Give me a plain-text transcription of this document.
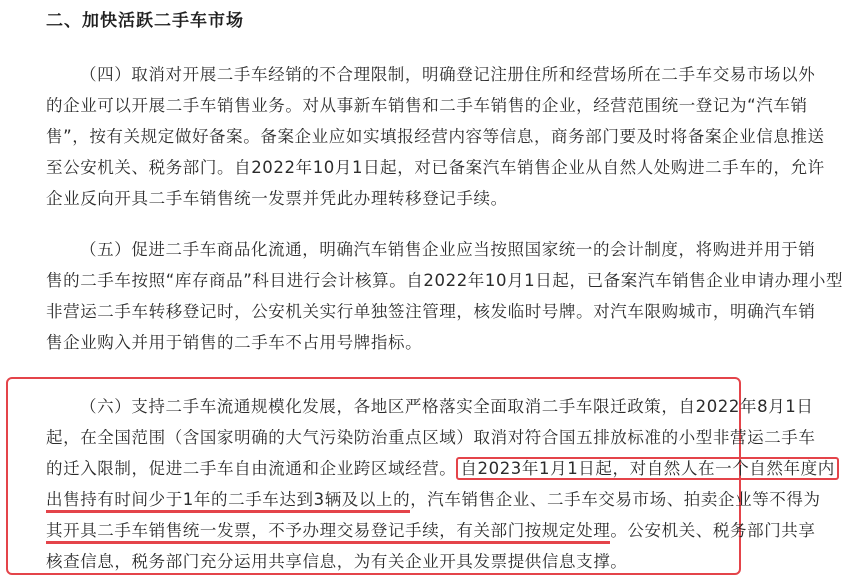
二、加快活跃二手车市场
（四）取消对开展二手车经销的不合理限制，明确登记注册住所和经营场所在二手车交易市场以外
的企业可以开展二手车销售业务。对从事新车销售和二手车销售的企业，经营范围统一登记为“汽车销
售”，按有关规定做好备案。备案企业应如实填报经营内容等信息，商务部门要及时将备案企业信息推送
至公安机关、税务部门。自2022年10月1日起，对已备案汽车销售企业从自然人处购进二手车的，允许
企业反向开具二手车销售统一发票并凭此办理转移登记手续。
（五）促进二手车商品化流通，明确汽车销售企业应当按照国家统一的会计制度，将购进并用于销
售的二手车按照“库存商品”科目进行会计核算。自2022年10月1日起，已备案汽车销售企业申请办理小型
非营运二手车转移登记时，公安机关实行单独签注管理，核发临时号牌。对汽车限购城市，明确汽车销
售企业购入并用于销售的二手车不占用号牌指标。
（六）支持二手车流通规模化发展，各地区严格落实全面取消二手车限迁政策，自2022年8月1日
起，在全国范围（含国家明确的大气污染防治重点区域）取消对符合国五排放标准的小型非营运二手车
的迁入限制，促进二手车自由流通和企业跨区域经营。 自2023年1月1日起，对自然人在一个自然年度内
出售持有时间少于1年的二手车达到3辆及以上的，汽车销售企业、二手车交易市场、拍卖企业等不得为
其开具二手车销售统一发票，不予办理交易登记手续，有关部门按规定处理。公安机关、税务部门共享
核查信息，税务部门充分运用共享信息，为有关企业开具发票提供信息支撑。
